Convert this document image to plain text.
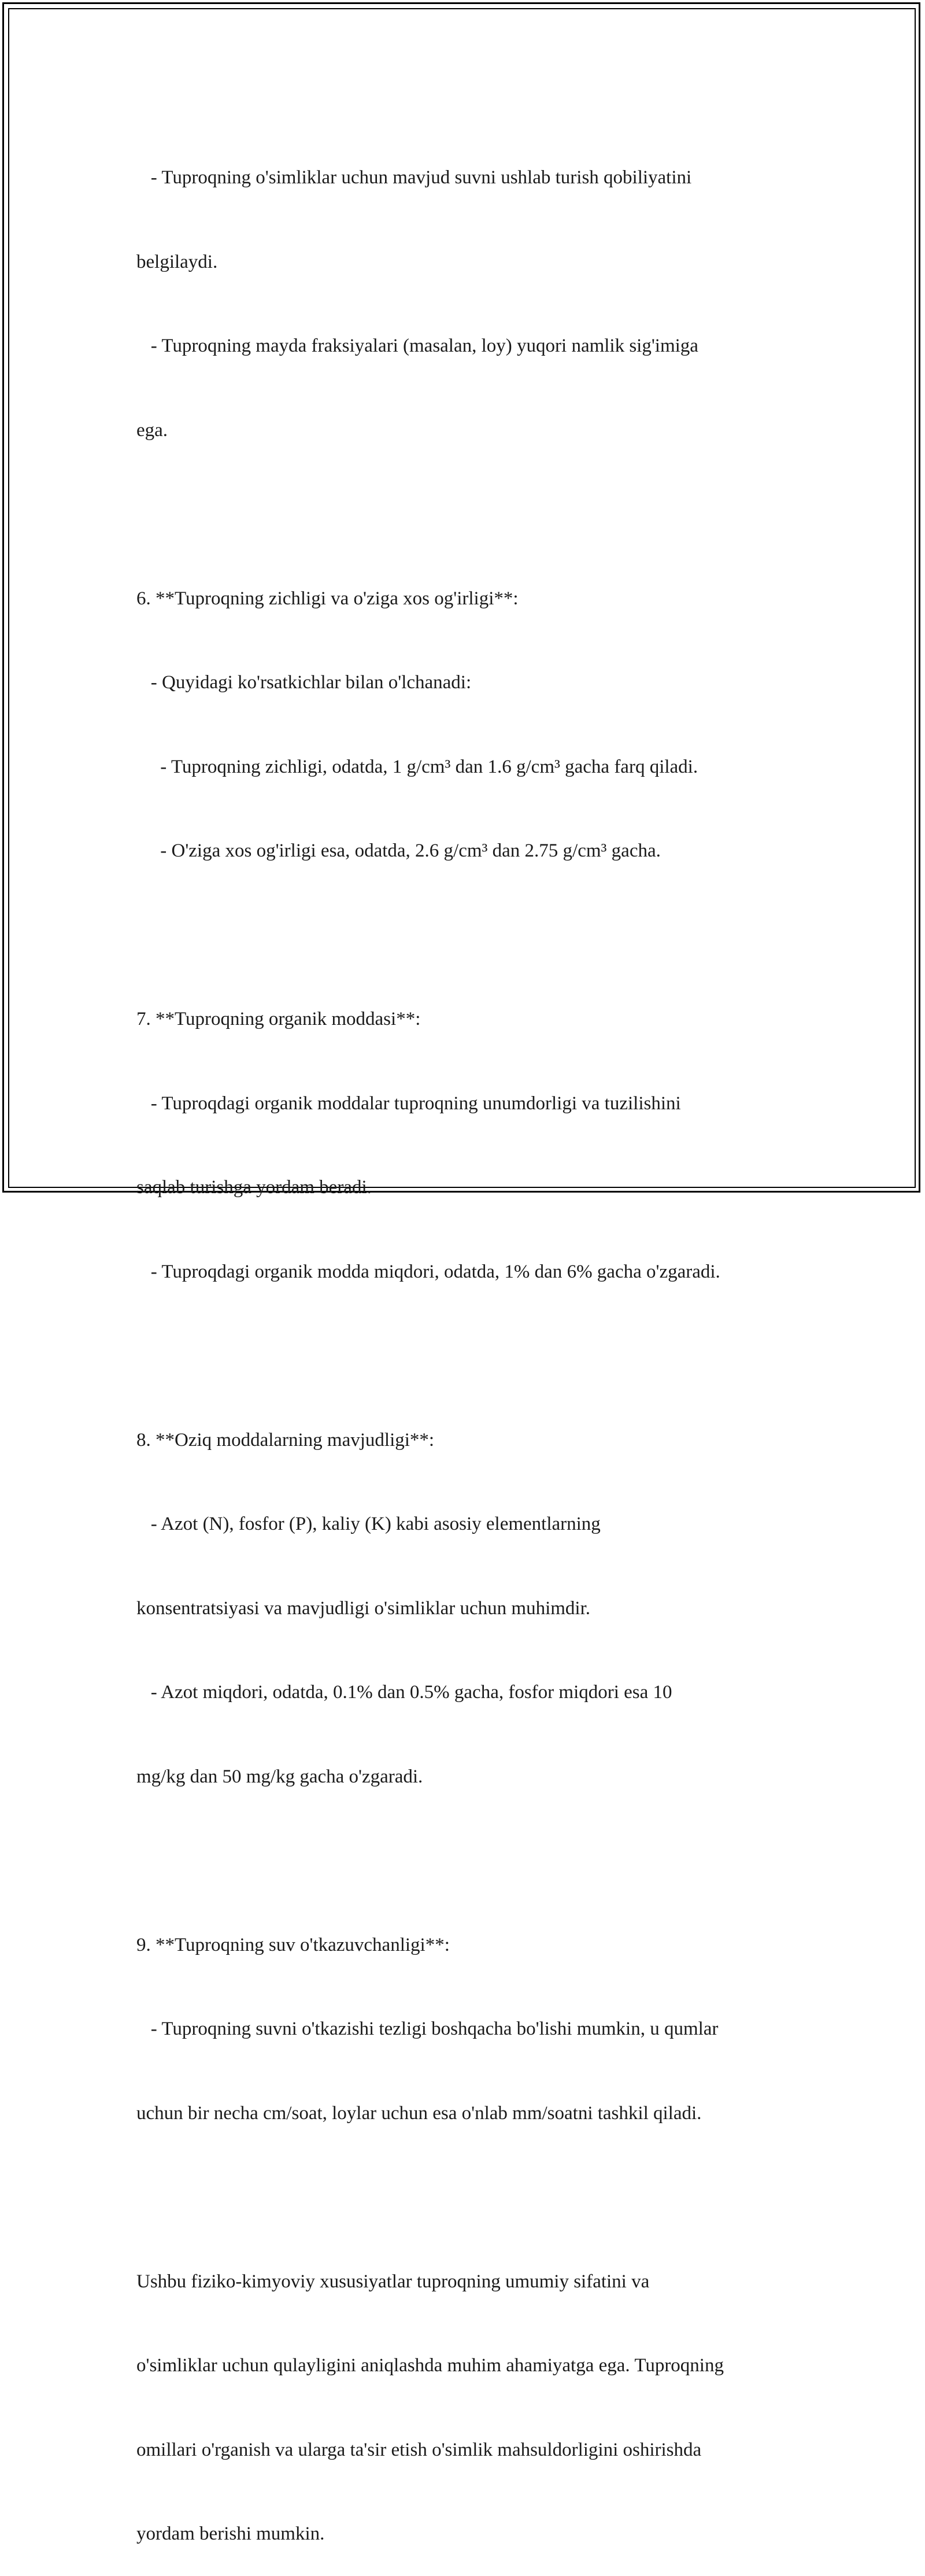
- Tuproqning o'simliklar uchun mavjud suvni ushlab turish qobiliyatini

belgilaydi.

- Tuproqning mayda fraksiyalari (masalan, loy) yuqori namlik sig'imiga

ega.

6. **Tuproqning zichligi va o'ziga xos og'irligi**:

- Quyidagi ko'rsatkichlar bilan o'lchanadi:

- Tuproqning zichligi, odatda, 1 g/cm³ dan 1.6 g/cm³ gacha farq qiladi.

- O'ziga xos og'irligi esa, odatda, 2.6 g/cm³ dan 2.75 g/cm³ gacha.

7. **Tuproqning organik moddasi**:

- Tuproqdagi organik moddalar tuproqning unumdorligi va tuzilishini

saqlab turishga yordam beradi.

- Tuproqdagi organik modda miqdori, odatda, 1% dan 6% gacha o'zgaradi.

8. **Oziq moddalarning mavjudligi**:

- Azot (N), fosfor (P), kaliy (K) kabi asosiy elementlarning

konsentratsiyasi va mavjudligi o'simliklar uchun muhimdir.

- Azot miqdori, odatda, 0.1% dan 0.5% gacha, fosfor miqdori esa 10

mg/kg dan 50 mg/kg gacha o'zgaradi.

9. **Tuproqning suv o'tkazuvchanligi**:

- Tuproqning suvni o'tkazishi tezligi boshqacha bo'lishi mumkin, u qumlar

uchun bir necha cm/soat, loylar uchun esa o'nlab mm/soatni tashkil qiladi.

Ushbu fiziko-kimyoviy xususiyatlar tuproqning umumiy sifatini va

o'simliklar uchun qulayligini aniqlashda muhim ahamiyatga ega. Tuproqning

omillari o'rganish va ularga ta'sir etish o'simlik mahsuldorligini oshirishda

yordam berishi mumkin.
